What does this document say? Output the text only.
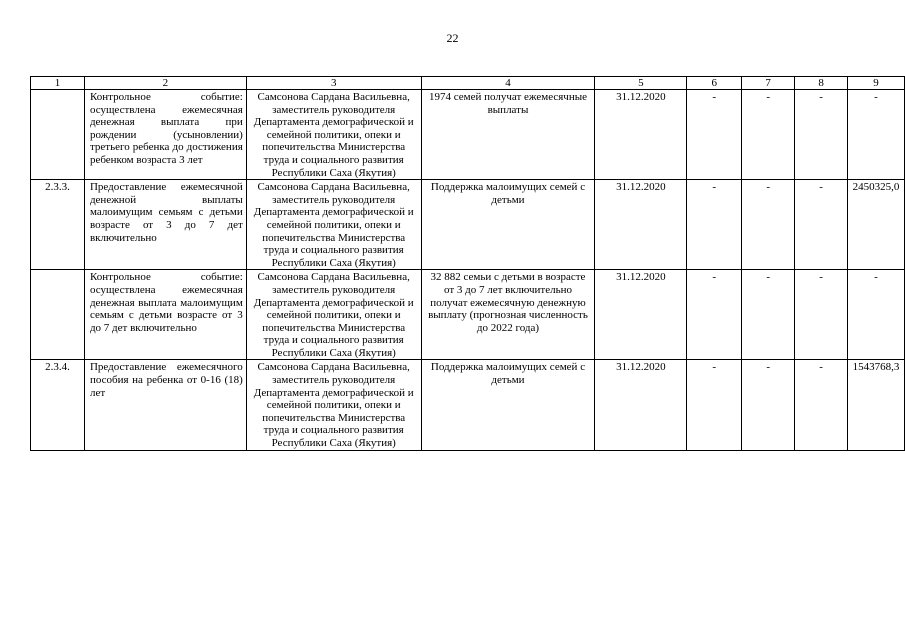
22
1	2	3	4	5	6	7	8	9
	Контрольное событие: осуществлена ежемесячная денежная выплата при рождении (усыновлении) третьего ребенка до достижения ребенком возраста 3 лет	Самсонова Сардана Васильевна, заместитель руководителя Департамента демографической и семейной политики, опеки и попечительства Министерства труда и социального развития Республики Саха (Якутия)	1974 семей получат ежемесячные выплаты	31.12.2020	-	-	-	-
2.3.3.	Предоставление ежемесячной денежной выплаты малоимущим семьям с детьми возрасте от 3 до 7 дет включительно	Самсонова Сардана Васильевна, заместитель руководителя Департамента демографической и семейной политики, опеки и попечительства Министерства труда и социального развития Республики Саха (Якутия)	Поддержка малоимущих семей с детьми	31.12.2020	-	-	-	2450325,0
	Контрольное событие: осуществлена ежемесячная денежная выплата малоимущим семьям с детьми возрасте от 3 до 7 дет включительно	Самсонова Сардана Васильевна, заместитель руководителя Департамента демографической и семейной политики, опеки и попечительства Министерства труда и социального развития Республики Саха (Якутия)	32 882 семьи с детьми в возрасте от 3 до 7 лет включительно получат ежемесячную денежную выплату (прогнозная численность до 2022 года)	31.12.2020	-	-	-	-
2.3.4.	Предоставление ежемесячного пособия на ребенка от 0-16 (18) лет	Самсонова Сардана Васильевна, заместитель руководителя Департамента демографической и семейной политики, опеки и попечительства Министерства труда и социального развития Республики Саха (Якутия)	Поддержка малоимущих семей с детьми	31.12.2020	-	-	-	1543768,3
